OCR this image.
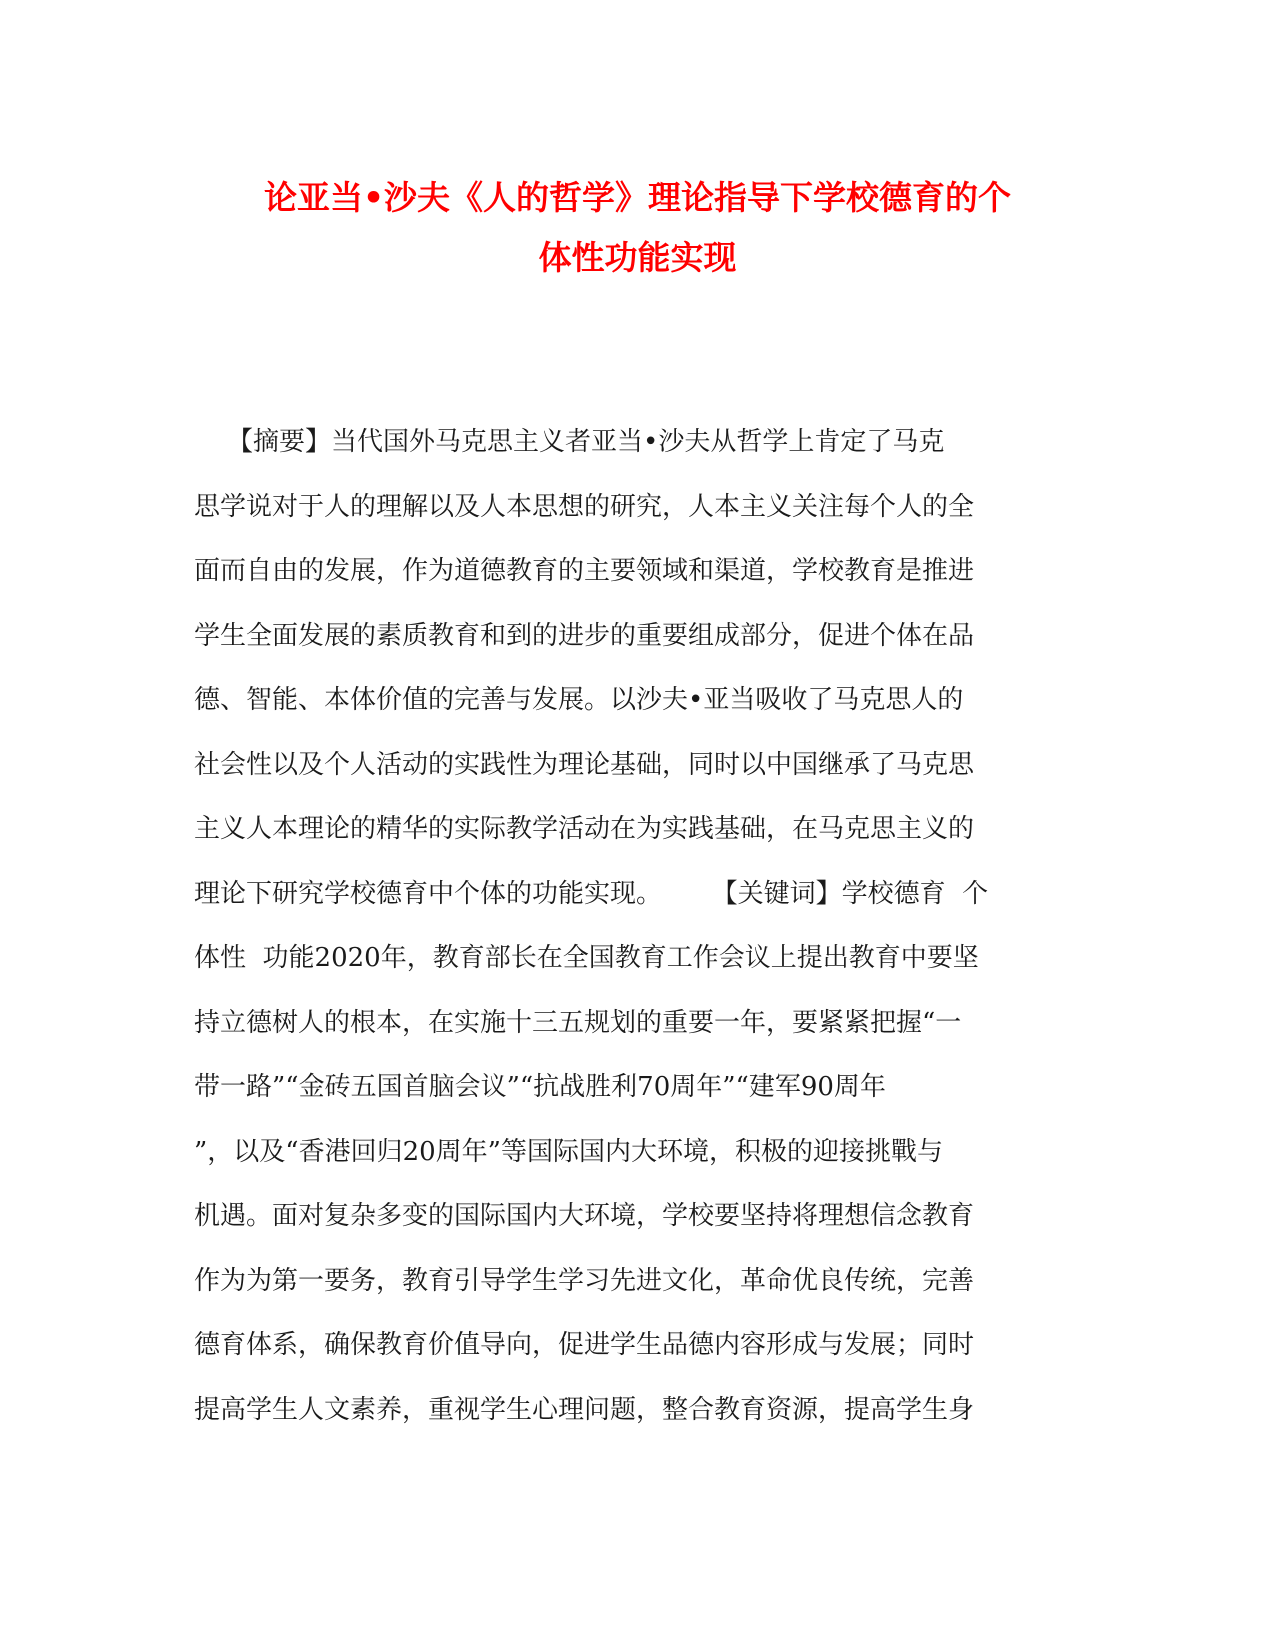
论亚当•沙夫《人的哲学》理论指导下学校德育的个
体性功能实现
【摘要】当代国外马克思主义者亚当•沙夫从哲学上肯定了马克
思学说对于人的理解以及人本思想的研究，人本主义关注每个人的全
面而自由的发展，作为道德教育的主要领域和渠道，学校教育是推进
学生全面发展的素质教育和到的进步的重要组成部分，促进个体在品
德、智能、本体价值的完善与发展。以沙夫•亚当吸收了马克思人的
社会性以及个人活动的实践性为理论基础，同时以中国继承了马克思
主义人本理论的精华的实际教学活动在为实践基础，在马克思主义的
理论下研究学校德育中个体的功能实现。      【关键词】学校德育  个
体性  功能2020年，教育部长在全国教育工作会议上提出教育中要坚
持立德树人的根本，在实施十三五规划的重要一年，要紧紧把握“一
带一路”“金砖五国首脑会议”“抗战胜利70周年”“建军90周年
”，以及“香港回归20周年”等国际国内大环境，积极的迎接挑戰与
机遇。面对复杂多变的国际国内大环境，学校要坚持将理想信念教育
作为为第一要务，教育引导学生学习先进文化，革命优良传统，完善
德育体系，确保教育价值导向，促进学生品德内容形成与发展；同时
提高学生人文素养，重视学生心理问题，整合教育资源，提高学生身
